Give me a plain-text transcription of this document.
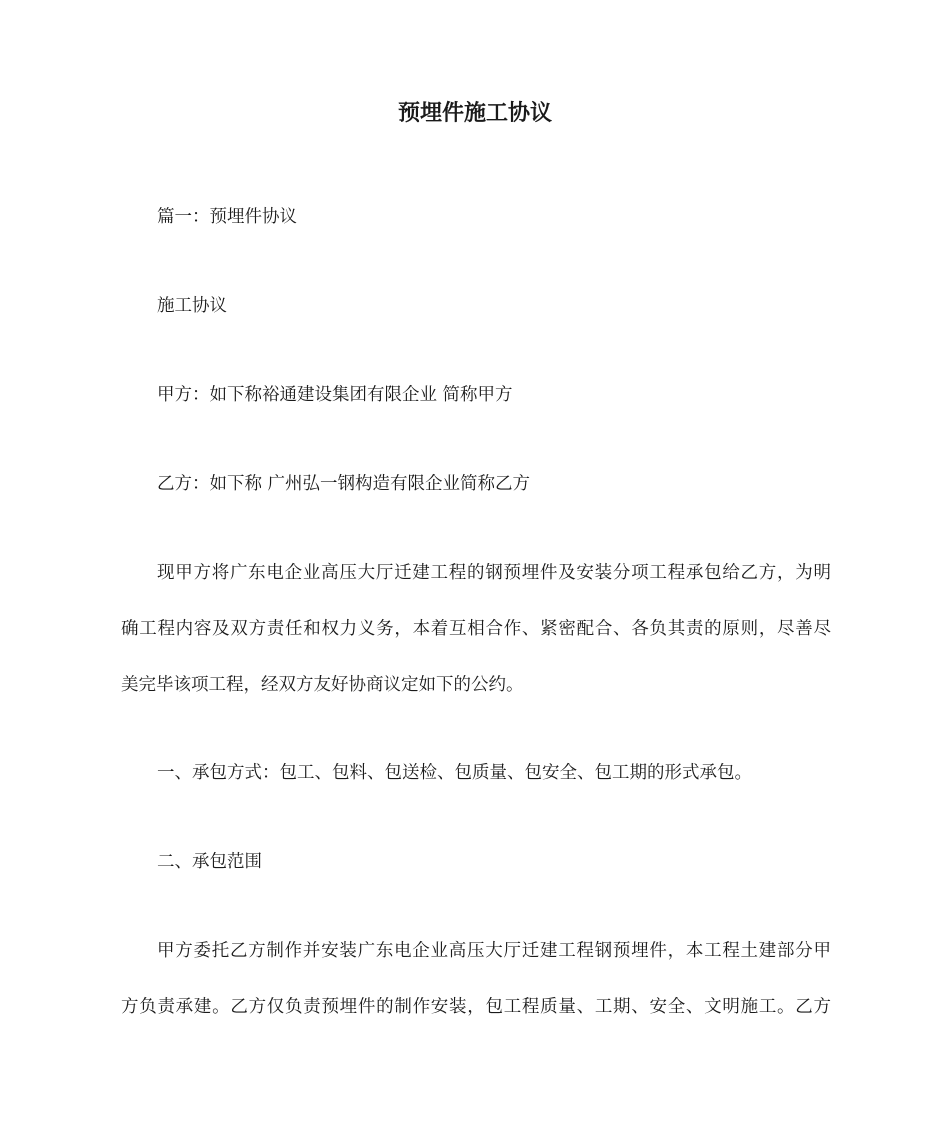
预埋件施工协议

篇一：预埋件协议

施工协议

甲方：如下称裕通建设集团有限企业 简称甲方

乙方：如下称 广州弘一钢构造有限企业简称乙方

现甲方将广东电企业高压大厅迁建工程的钢预埋件及安装分项工程承包给乙方，为明

确工程内容及双方责任和权力义务，本着互相合作、紧密配合、各负其责的原则，尽善尽

美完毕该项工程，经双方友好协商议定如下的公约。

一、承包方式：包工、包料、包送检、包质量、包安全、包工期的形式承包。

二、承包范围

甲方委托乙方制作并安装广东电企业高压大厅迁建工程钢预埋件，本工程土建部分甲

方负责承建。乙方仅负责预埋件的制作安装，包工程质量、工期、安全、文明施工。乙方
